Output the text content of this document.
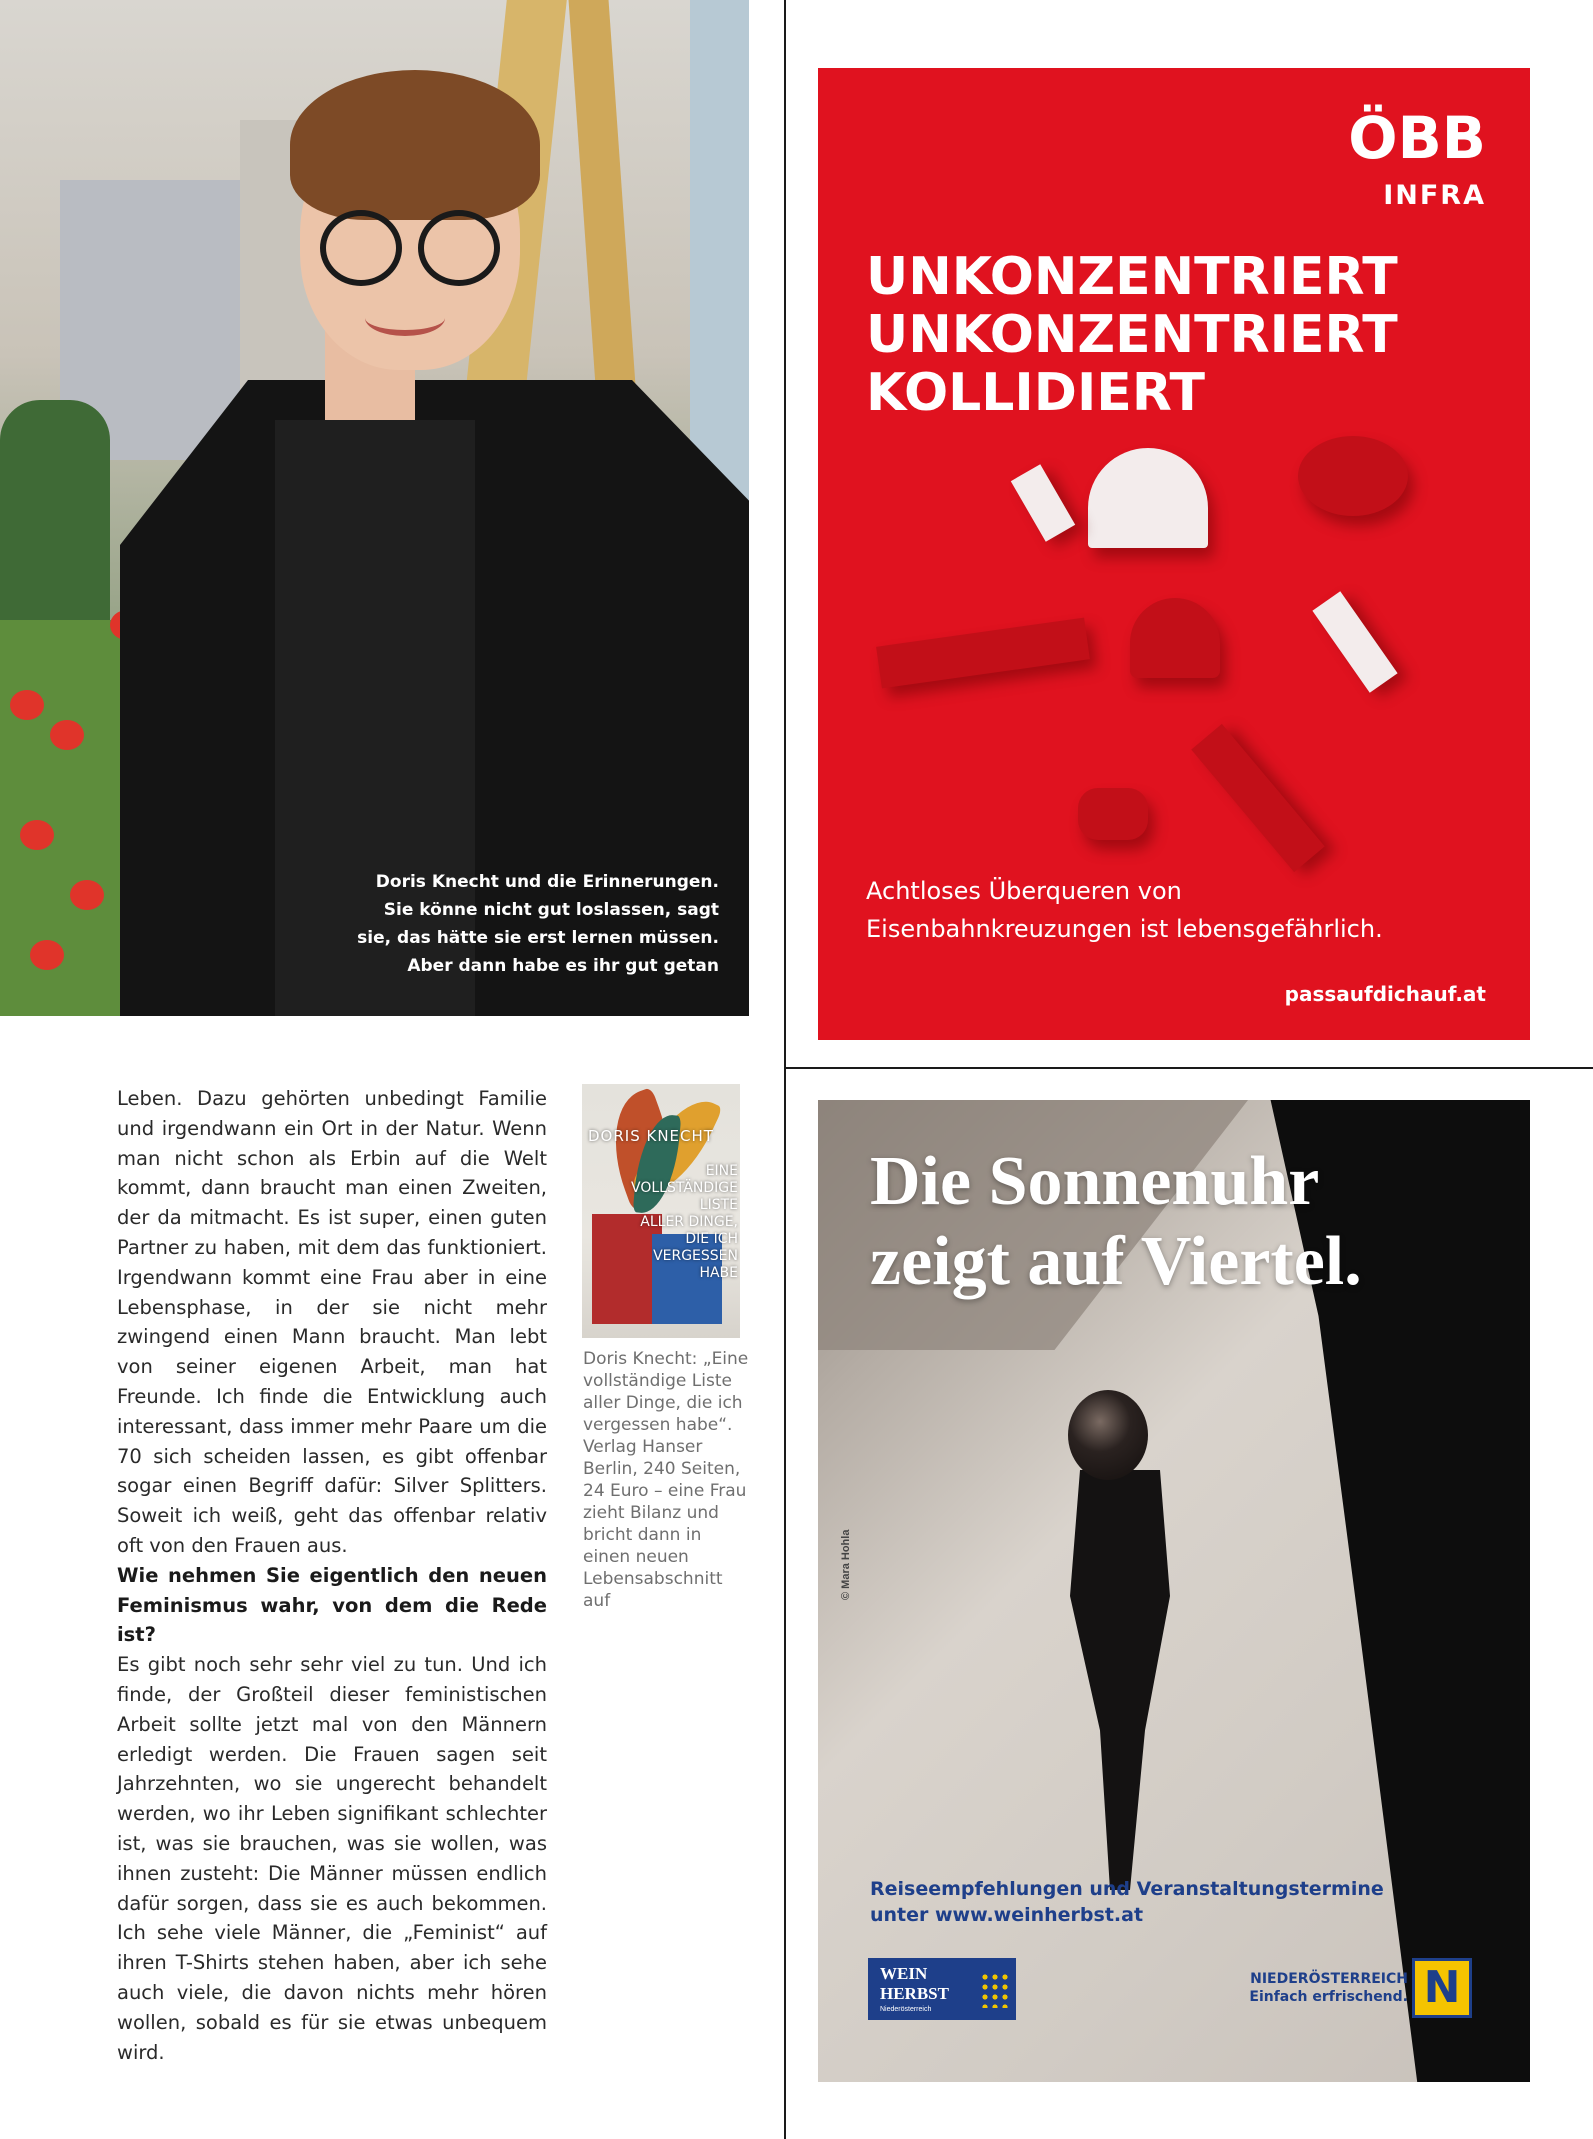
Doris Knecht und die Erinnerungen.
Sie könne nicht gut loslassen, sagt
sie, das hätte sie erst lernen müssen.
Aber dann habe es ihr gut getan
ÖBB
INFRA
UNKONZENTRIERT
UNKONZENTRIERT
KOLLIDIERT
Achtloses Überqueren von
Eisenbahnkreuzungen ist lebensgefährlich.
passaufdichauf.at

Leben. Dazu gehörten unbedingt Familie und irgendwann ein Ort in der Natur. Wenn man nicht schon als Erbin auf die Welt kommt, dann braucht man einen Zweiten, der da mitmacht. Es ist super, einen guten Partner zu haben, mit dem das funktioniert. Irgendwann kommt eine Frau aber in eine Lebensphase, in der sie nicht mehr zwingend einen Mann braucht. Man lebt von seiner eigenen Arbeit, man hat Freunde. Ich finde die Entwicklung auch interessant, dass immer mehr Paare um die 70 sich scheiden lassen, es gibt offenbar sogar einen Begriff dafür: Silver Splitters. Soweit ich weiß, geht das offenbar relativ oft von den Frauen aus.

Wie nehmen Sie eigentlich den neuen Feminismus wahr, von dem die Rede ist?

Es gibt noch sehr sehr viel zu tun. Und ich finde, der Großteil dieser feministischen Arbeit sollte jetzt mal von den Männern erledigt werden. Die Frauen sagen seit Jahrzehnten, wo sie ungerecht behandelt werden, wo ihr Leben signifikant schlechter ist, was sie brauchen, was sie wollen, was ihnen zusteht: Die Männer müssen endlich dafür sorgen, dass sie es auch bekommen. Ich sehe viele Männer, die „Feminist“ auf ihren T-Shirts stehen haben, aber ich sehe auch viele, die davon nichts mehr hören wollen, sobald es für sie etwas unbequem wird.

DORIS KNECHT
EINE
VOLLSTÄNDIGE
LISTE
ALLER DINGE,
DIE ICH
VERGESSEN
HABE
Doris Knecht: „Eine vollständige Liste aller Dinge, die ich vergessen habe“. Verlag Hanser Berlin, 240 Seiten, 24 Euro – eine Frau zieht Bilanz und bricht dann in einen neuen Lebensabschnitt auf
Die Sonnenuhr
zeigt auf Viertel.
© Mara Hohla
Reiseempfehlungen und Veranstaltungstermine
unter www.weinherbst.at
WEIN
HERBST
Niederösterreich
NIEDERÖSTERREICH
Einfach erfrischend. N
